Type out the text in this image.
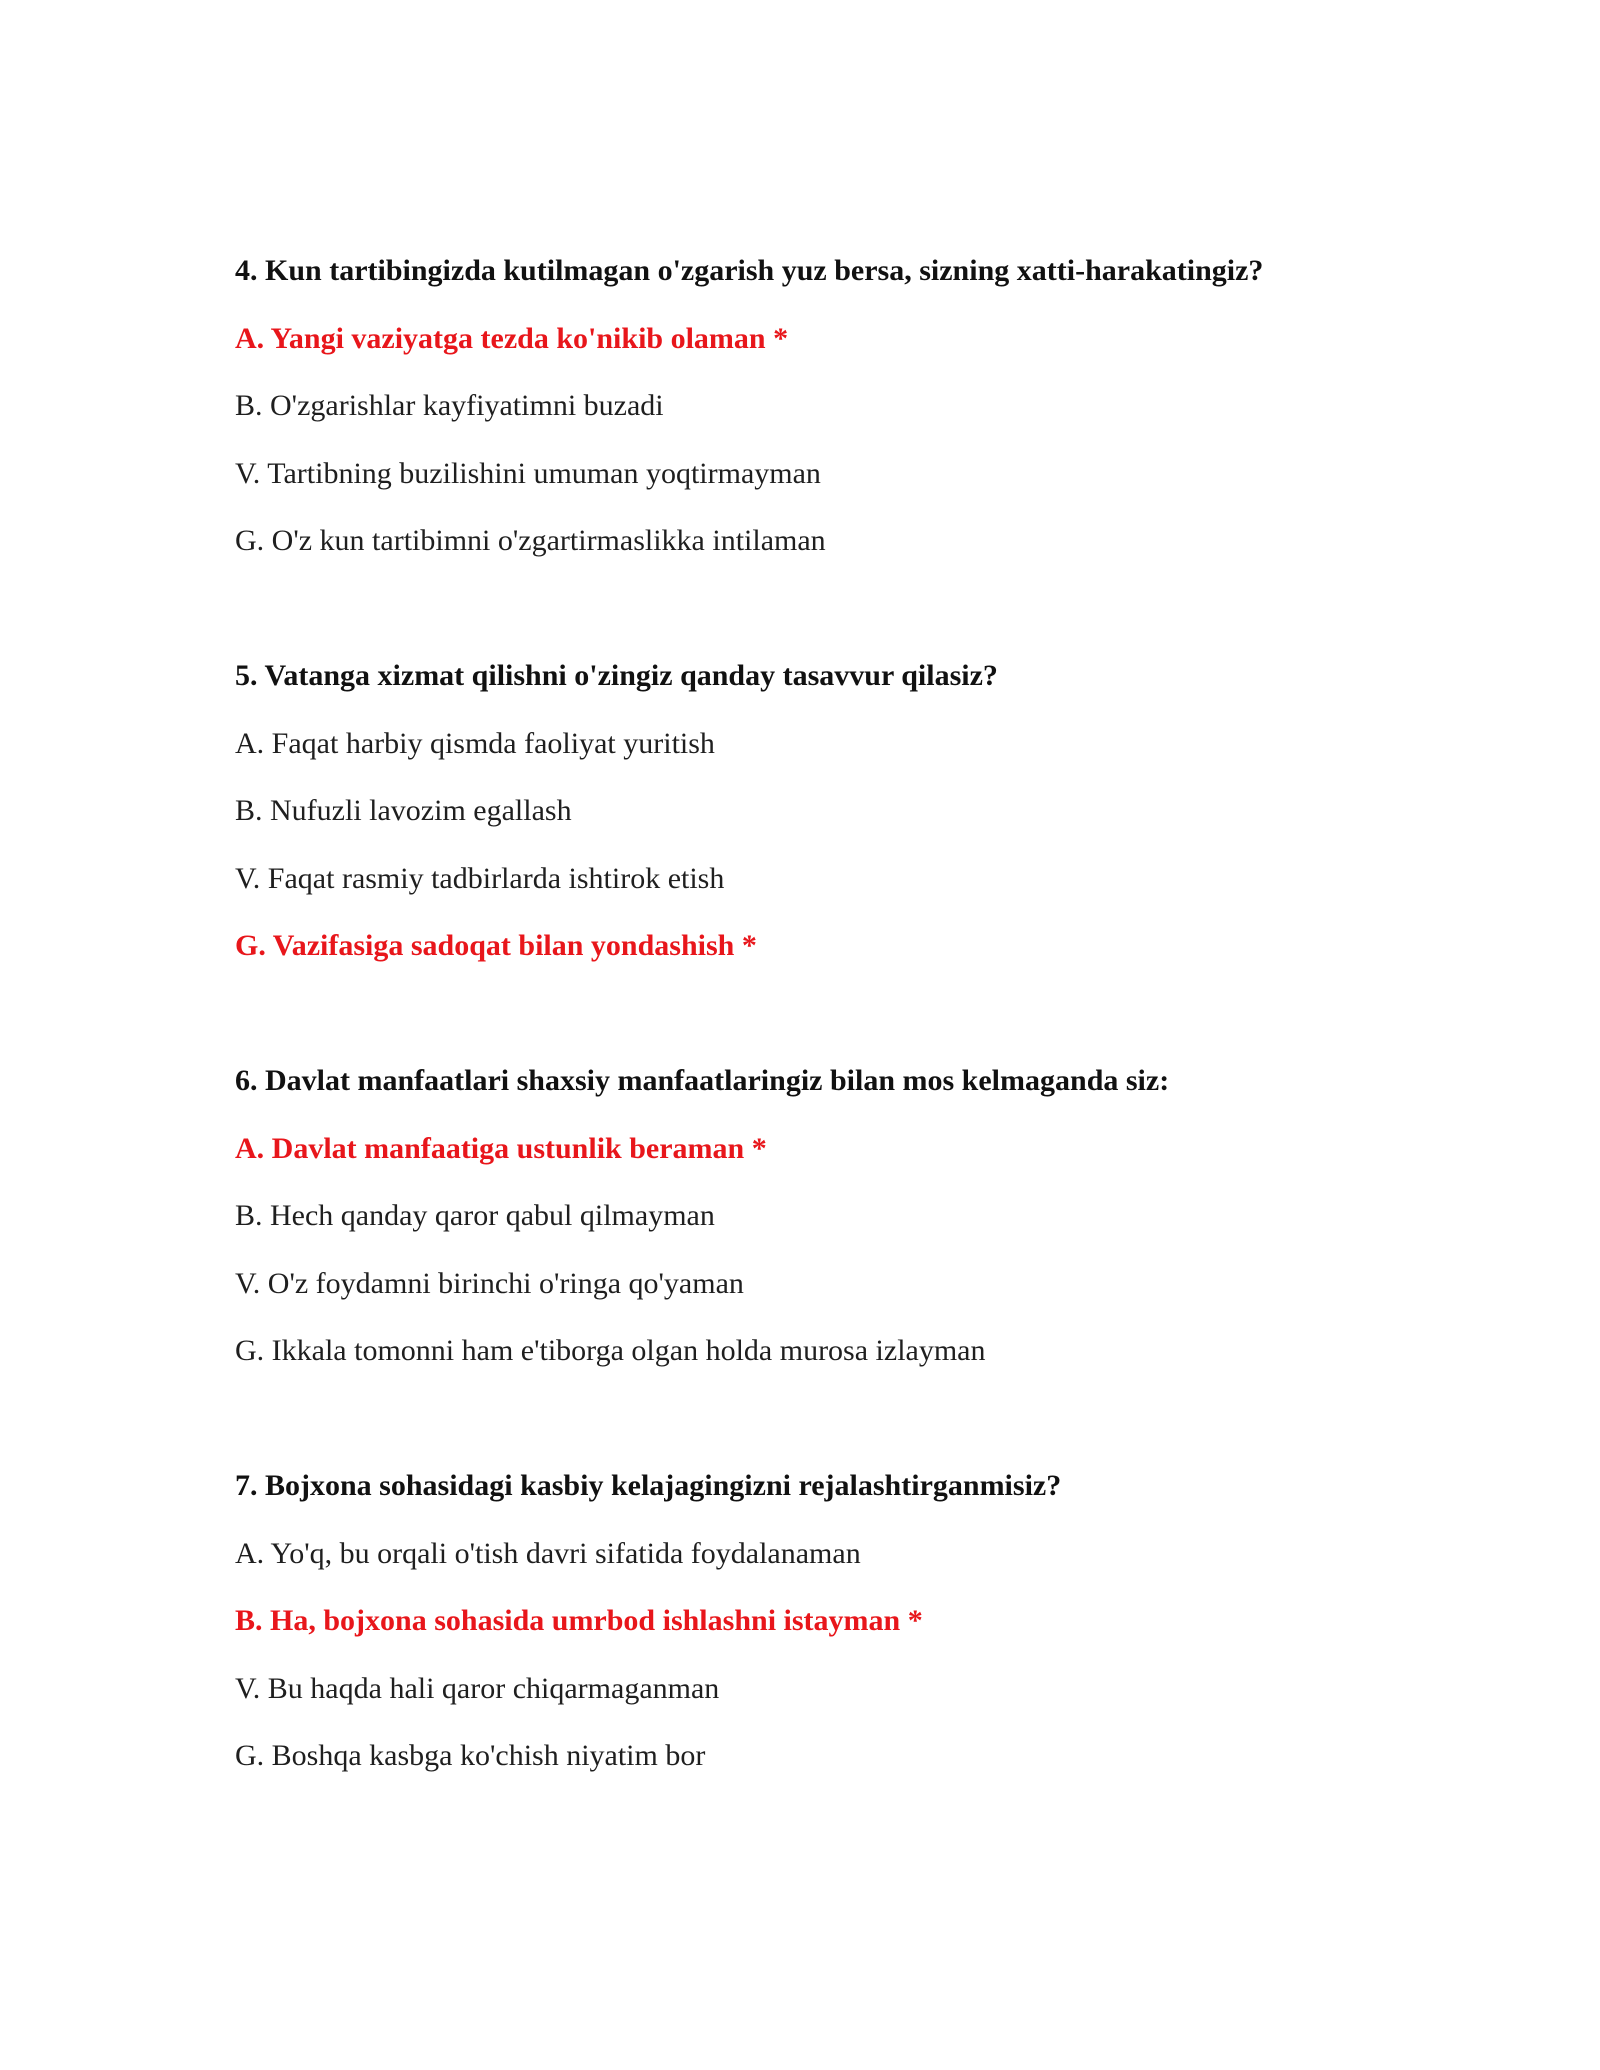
4. Kun tartibingizda kutilmagan o'zgarish yuz bersa, sizning xatti-harakatingiz?
A. Yangi vaziyatga tezda ko'nikib olaman *
B. O'zgarishlar kayfiyatimni buzadi
V. Tartibning buzilishini umuman yoqtirmayman
G. O'z kun tartibimni o'zgartirmaslikka intilaman
5. Vatanga xizmat qilishni o'zingiz qanday tasavvur qilasiz?
A. Faqat harbiy qismda faoliyat yuritish
B. Nufuzli lavozim egallash
V. Faqat rasmiy tadbirlarda ishtirok etish
G. Vazifasiga sadoqat bilan yondashish *
6. Davlat manfaatlari shaxsiy manfaatlaringiz bilan mos kelmaganda siz:
A. Davlat manfaatiga ustunlik beraman *
B. Hech qanday qaror qabul qilmayman
V. O'z foydamni birinchi o'ringa qo'yaman
G. Ikkala tomonni ham e'tiborga olgan holda murosa izlayman
7. Bojxona sohasidagi kasbiy kelajagingizni rejalashtirganmisiz?
A. Yo'q, bu orqali o'tish davri sifatida foydalanaman
B. Ha, bojxona sohasida umrbod ishlashni istayman *
V. Bu haqda hali qaror chiqarmaganman
G. Boshqa kasbga ko'chish niyatim bor
